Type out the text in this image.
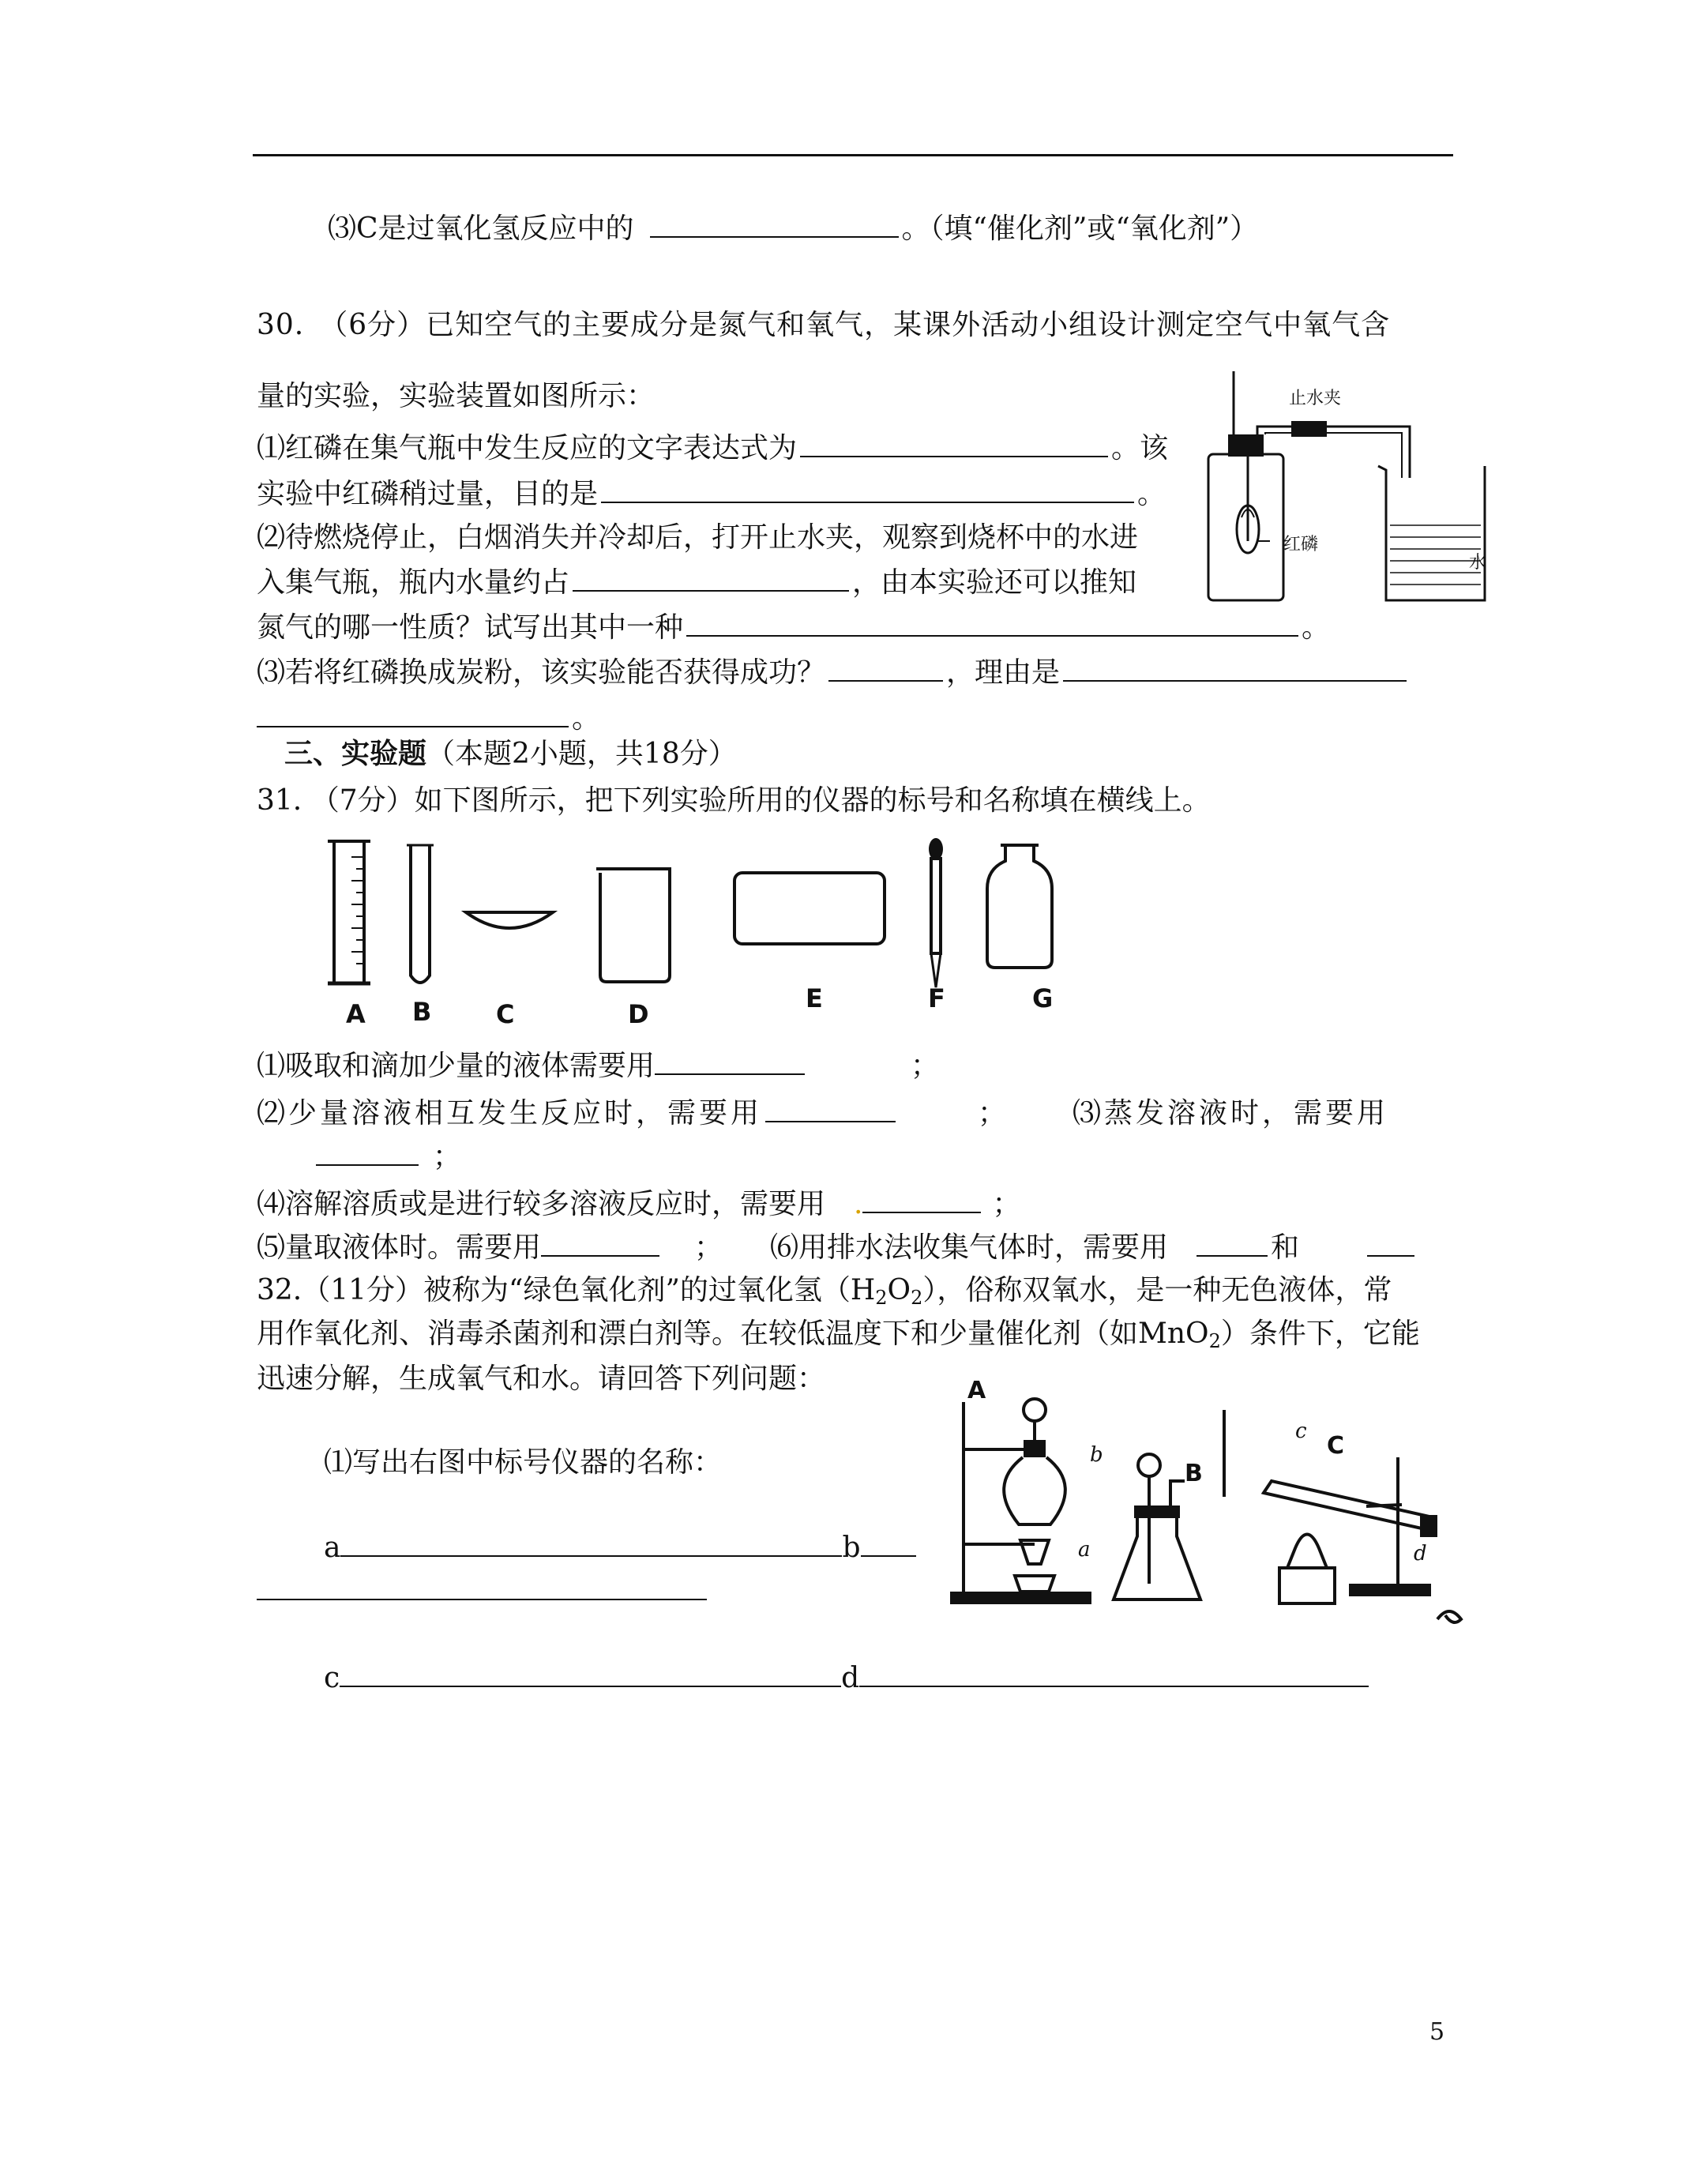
⑶C是过氧化氢反应中的	。（填“催化剂”或“氧化剂”）
30.　（6分）已知空气的主要成分是氮气和氧气，某课外活动小组设计测定空气中氧气含
量的实验，实验装置如图所示：
⑴红磷在集气瓶中发生反应的文字表达式为	。该
实验中红磷稍过量，目的是	。
⑵待燃烧停止，白烟消失并冷却后，打开止水夹，观察到烧杯中的水进
入集气瓶，瓶内水量约占	，由本实验还可以推知
氮气的哪一性质？试写出其中一种	。
⑶若将红磷换成炭粉，该实验能否获得成功？	，理由是
。
止水夹
红磷
水
三、实验题（本题2小题，共18分）
31. （7分）如下图所示，把下列实验所用的仪器的标号和名称填在横线上。
A B	C	D
E	F	G
⑴吸取和滴加少量的液体需要用	；
⑵少量溶液相互发生反应时，需要用	； ⑶蒸发溶液时，需要用
；
⑷溶解溶质或是进行较多溶液反应时，需要用 .	；
⑸量取液体时。需要用	； ⑹用排水法收集气体时，需要用	和
32.（11分）被称为“绿色氧化剂”的过氧化氢$(H_2O_2)$，俗称双氧水，是一种无色液体，常
用作氧化剂、消毒杀菌剂和漂白剂等。在较低温度下和少量催化剂（如MnO$_2$）条件下，它能
迅速分解，生成氧气和水。请回答下列问题：
⑴写出右图中标号仪器的名称：
a	b
c	d
A
B
C
a
b
c
d
5
